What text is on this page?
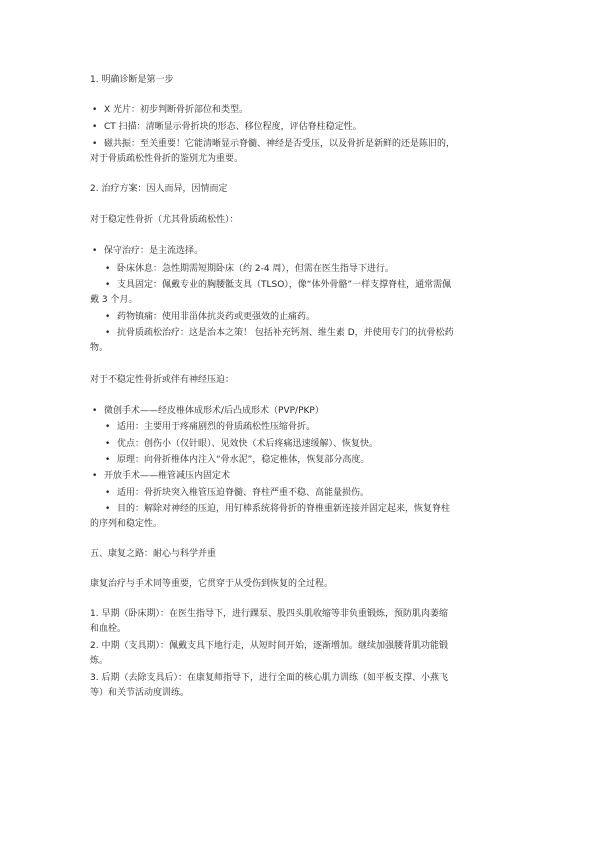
1. 明确诊断是第一步
• X 光片：初步判断骨折部位和类型。
• CT 扫描：清晰显示骨折块的形态、移位程度，评估脊柱稳定性。
• 磁共振：至关重要！它能清晰显示脊髓、神经是否受压，以及骨折是新鲜的还是陈旧的，
对于骨质疏松性骨折的鉴别尤为重要。
2. 治疗方案：因人而异，因情而定
对于稳定性骨折（尤其骨质疏松性）：
• 保守治疗：是主流选择。
• 卧床休息：急性期需短期卧床（约 2-4 周），但需在医生指导下进行。
• 支具固定：佩戴专业的胸腰骶支具（TLSO），像“体外骨骼”一样支撑脊柱，通常需佩
戴 3 个月。
• 药物镇痛：使用非甾体抗炎药或更强效的止痛药。
• 抗骨质疏松治疗：这是治本之策！ 包括补充钙剂、维生素 D，并使用专门的抗骨松药
物。
对于不稳定性骨折或伴有神经压迫：
• 微创手术——经皮椎体成形术/后凸成形术（PVP/PKP）
• 适用：主要用于疼痛剧烈的骨质疏松性压缩骨折。
• 优点：创伤小（仅针眼）、见效快（术后疼痛迅速缓解）、恢复快。
• 原理：向骨折椎体内注入“骨水泥”，稳定椎体，恢复部分高度。
• 开放手术——椎管减压内固定术
• 适用：骨折块突入椎管压迫脊髓、脊柱严重不稳、高能量损伤。
• 目的：解除对神经的压迫，用钉棒系统将骨折的脊椎重新连接并固定起来，恢复脊柱
的序列和稳定性。
五、康复之路：耐心与科学并重
康复治疗与手术同等重要，它贯穿于从受伤到恢复的全过程。
1. 早期（卧床期）：在医生指导下，进行踝泵、股四头肌收缩等非负重锻炼，预防肌肉萎缩
和血栓。
2. 中期（支具期）：佩戴支具下地行走，从短时间开始，逐渐增加。继续加强腰背肌功能锻
炼。
3. 后期（去除支具后）：在康复师指导下，进行全面的核心肌力训练（如平板支撑、小燕飞
等）和关节活动度训练。
